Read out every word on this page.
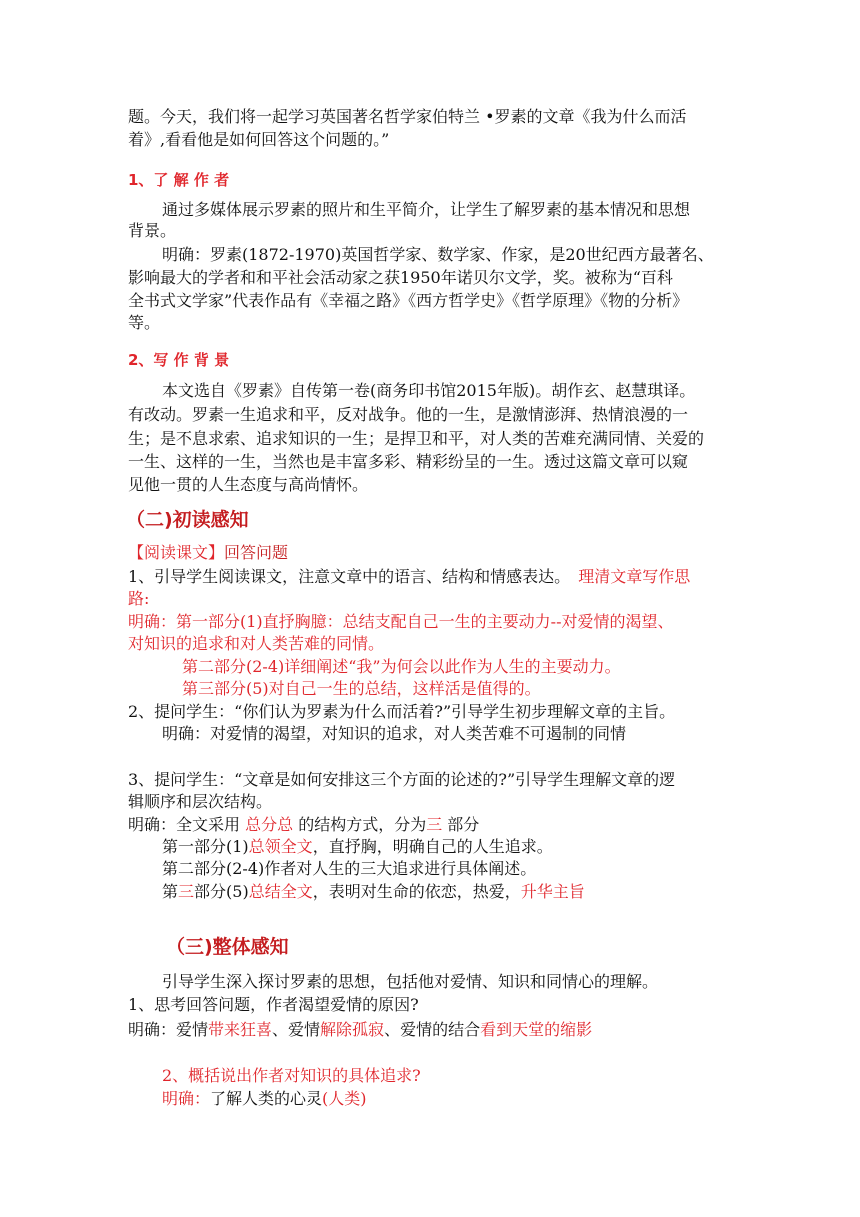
题。今天，我们将一起学习英国著名哲学家伯特兰 •罗素的文章《我为什么而活
着》,看看他是如何回答这个问题的。”
1、了 解 作 者
通过多媒体展示罗素的照片和生平简介，让学生了解罗素的基本情况和思想
背景。
明确：罗素(1872-1970)英国哲学家、数学家、作家，是20世纪西方最著名、
影响最大的学者和和平社会活动家之获1950年诺贝尔文学，奖。被称为“百科
全书式文学家”代表作品有《幸福之路》《西方哲学史》《哲学原理》《物的分析》
等。
2、写 作 背 景
本文选自《罗素》自传第一卷(商务印书馆2015年版)。胡作玄、赵慧琪译。
有改动。罗素一生追求和平，反对战争。他的一生，是激情澎湃、热情浪漫的一
生；是不息求索、追求知识的一生；是捍卫和平，对人类的苦难充满同情、关爱的
一生、这样的一生，当然也是丰富多彩、精彩纷呈的一生。透过这篇文章可以窥
见他一贯的人生态度与高尚情怀。
（二)初读感知
【阅读课文】回答问题
1、引导学生阅读课文，注意文章中的语言、结构和情感表达。 理清文章写作思
路:
明确：第一部分(1)直抒胸臆：总结支配自己一生的主要动力--对爱情的渴望、
对知识的追求和对人类苦难的同情。
第二部分(2-4)详细阐述“我”为何会以此作为人生的主要动力。
第三部分(5)对自己一生的总结，这样活是值得的。
2、提问学生：“你们认为罗素为什么而活着?”引导学生初步理解文章的主旨。
明确：对爱情的渴望，对知识的追求，对人类苦难不可遏制的同情
3、提问学生：“文章是如何安排这三个方面的论述的?”引导学生理解文章的逻
辑顺序和层次结构。
明确：全文采用 总分总 的结构方式，分为三 部分
第一部分(1)总领全文，直抒胸，明确自己的人生追求。
第二部分(2-4)作者对人生的三大追求进行具体阐述。
第三部分(5)总结全文，表明对生命的依恋，热爱，升华主旨
（三)整体感知
引导学生深入探讨罗素的思想，包括他对爱情、知识和同情心的理解。
1、思考回答问题，作者渴望爱情的原因?
明确：爱情带来狂喜、爱情解除孤寂、爱情的结合看到天堂的缩影
2、概括说出作者对知识的具体追求?
明确：了解人类的心灵(人类)
